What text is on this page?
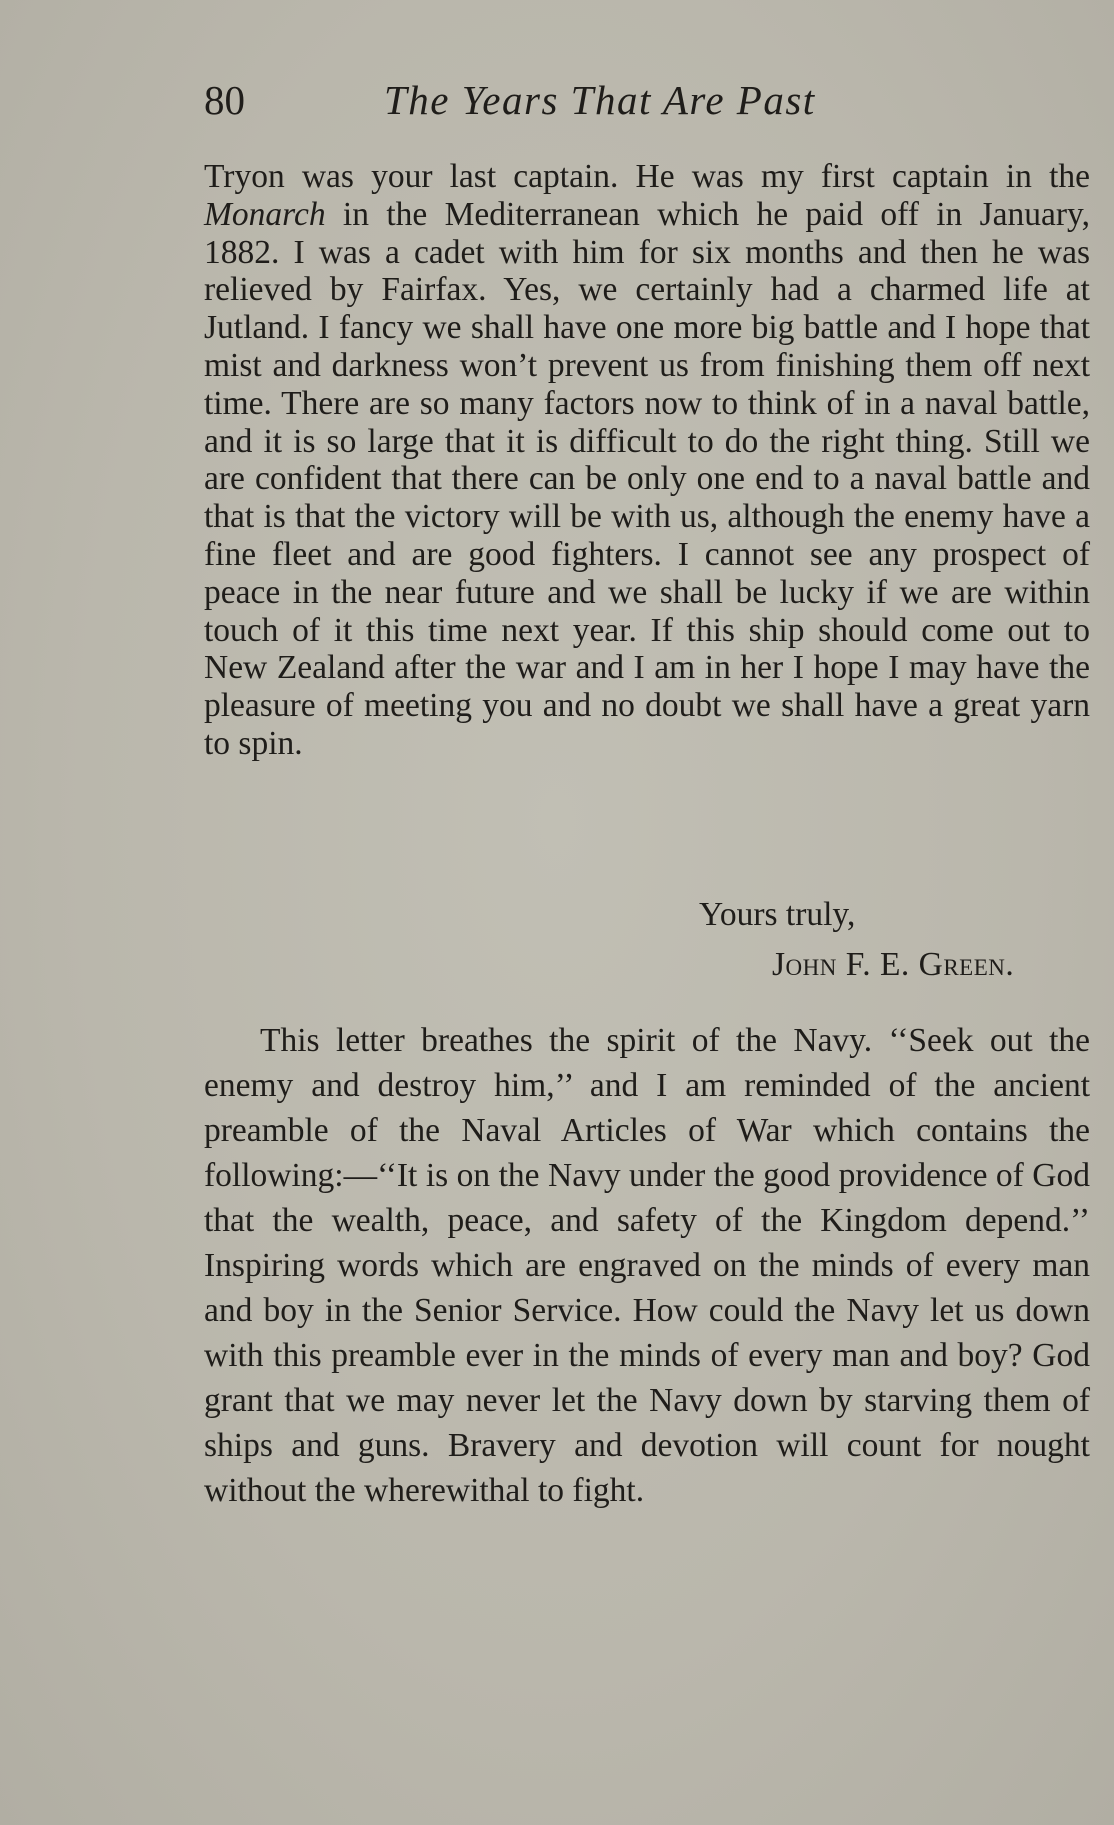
80	The Years That Are Past
Tryon was your last captain. He was my first captain in the Monarch in the Mediterranean which he paid off in January, 1882. I was a cadet with him for six months and then he was relieved by Fairfax. Yes, we certainly had a charmed life at Jutland. I fancy we shall have one more big battle and I hope that mist and darkness won’t prevent us from finishing them off next time. There are so many factors now to think of in a naval battle, and it is so large that it is difficult to do the right thing. Still we are confident that there can be only one end to a naval battle and that is that the victory will be with us, although the enemy have a fine fleet and are good fighters. I cannot see any prospect of peace in the near future and we shall be lucky if we are within touch of it this time next year. If this ship should come out to New Zealand after the war and I am in her I hope I may have the pleasure of meeting you and no doubt we shall have a great yarn to spin.
Yours truly,
John F. E. Green.
This letter breathes the spirit of the Navy. ‘‘Seek out the enemy and destroy him,’’ and I am reminded of the ancient preamble of the Naval Articles of War which contains the following:—‘‘It is on the Navy under the good providence of God that the wealth, peace, and safety of the Kingdom depend.’’ Inspiring words which are engraved on the minds of every man and boy in the Senior Service. How could the Navy let us down with this preamble ever in the minds of every man and boy? God grant that we may never let the Navy down by starving them of ships and guns. Bravery and devotion will count for nought without the wherewithal to fight.
